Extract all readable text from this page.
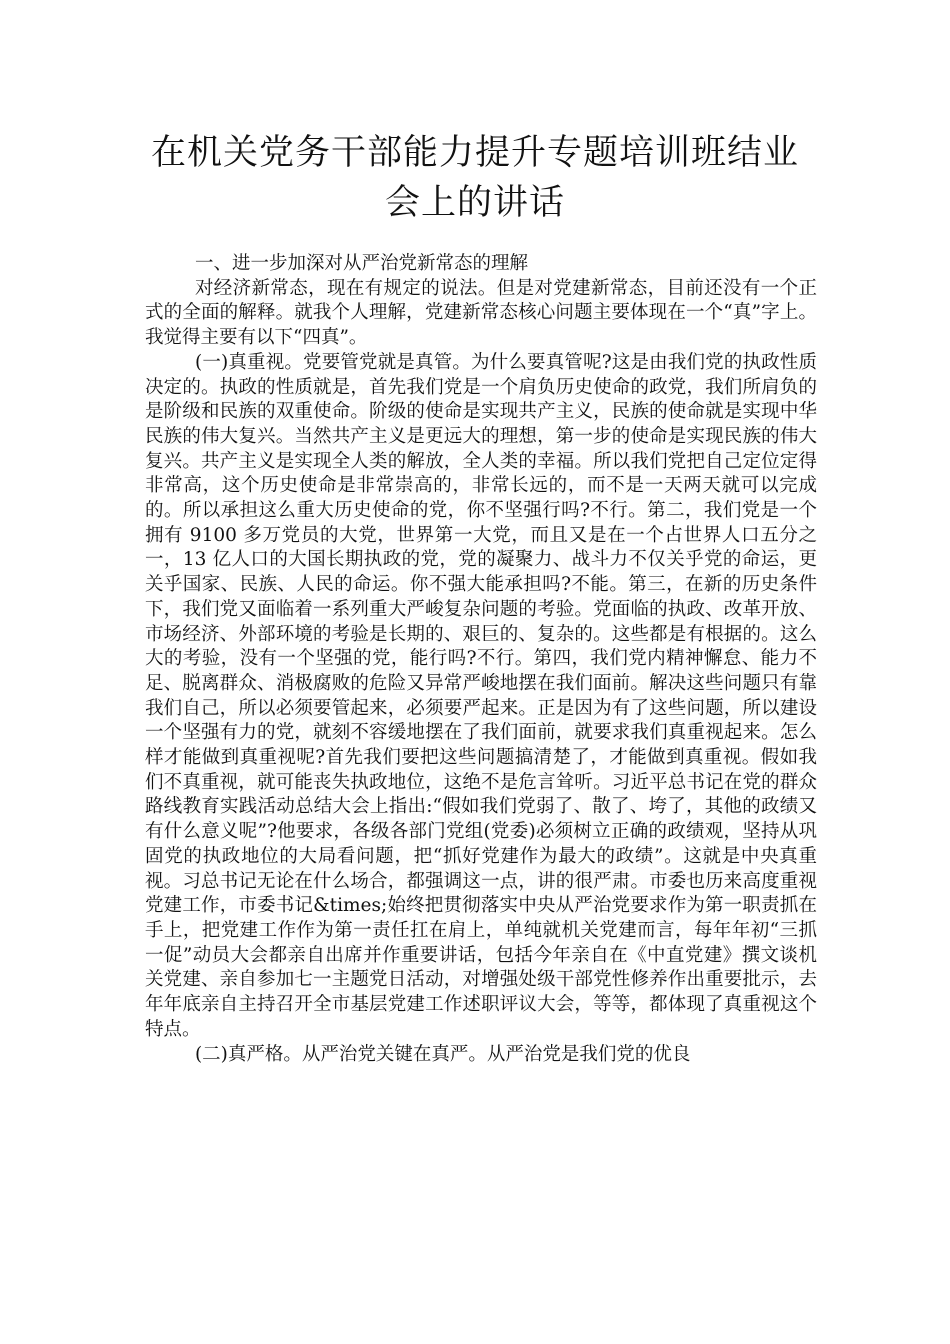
在机关党务干部能力提升专题培训班结业
会上的讲话

一、进一步加深对从严治党新常态的理解

对经济新常态，现在有规定的说法。但是对党建新常态，目前还没有一个正式的全面的解释。就我个人理解，党建新常态核心问题主要体现在一个“真”字上。我觉得主要有以下“四真”。

(一)真重视。党要管党就是真管。为什么要真管呢?这是由我们党的执政性质决定的。执政的性质就是，首先我们党是一个肩负历史使命的政党，我们所肩负的是阶级和民族的双重使命。阶级的使命是实现共产主义，民族的使命就是实现中华民族的伟大复兴。当然共产主义是更远大的理想，第一步的使命是实现民族的伟大复兴。共产主义是实现全人类的解放，全人类的幸福。所以我们党把自己定位定得非常高，这个历史使命是非常崇高的，非常长远的，而不是一天两天就可以完成的。所以承担这么重大历史使命的党，你不坚强行吗?不行。第二，我们党是一个拥有 9100 多万党员的大党，世界第一大党，而且又是在一个占世界人口五分之一，13 亿人口的大国长期执政的党，党的凝聚力、战斗力不仅关乎党的命运，更关乎国家、民族、人民的命运。你不强大能承担吗?不能。第三，在新的历史条件下，我们党又面临着一系列重大严峻复杂问题的考验。党面临的执政、改革开放、市场经济、外部环境的考验是长期的、艰巨的、复杂的。这些都是有根据的。这么大的考验，没有一个坚强的党，能行吗?不行。第四，我们党内精神懈怠、能力不足、脱离群众、消极腐败的危险又异常严峻地摆在我们面前。解决这些问题只有靠我们自己，所以必须要管起来，必须要严起来。正是因为有了这些问题，所以建设一个坚强有力的党，就刻不容缓地摆在了我们面前，就要求我们真重视起来。怎么样才能做到真重视呢?首先我们要把这些问题搞清楚了，才能做到真重视。假如我们不真重视，就可能丧失执政地位，这绝不是危言耸听。习近平总书记在党的群众路线教育实践活动总结大会上指出:“假如我们党弱了、散了、垮了，其他的政绩又有什么意义呢”?他要求，各级各部门党组(党委)必须树立正确的政绩观，坚持从巩固党的执政地位的大局看问题，把“抓好党建作为最大的政绩”。这就是中央真重视。习总书记无论在什么场合，都强调这一点，讲的很严肃。市委也历来高度重视党建工作，市委书记&times;始终把贯彻落实中央从严治党要求作为第一职责抓在手上，把党建工作作为第一责任扛在肩上，单纯就机关党建而言，每年年初“三抓一促”动员大会都亲自出席并作重要讲话，包括今年亲自在《中直党建》撰文谈机关党建、亲自参加七一主题党日活动，对增强处级干部党性修养作出重要批示，去年年底亲自主持召开全市基层党建工作述职评议大会，等等，都体现了真重视这个特点。

(二)真严格。从严治党关键在真严。从严治党是我们党的优良
